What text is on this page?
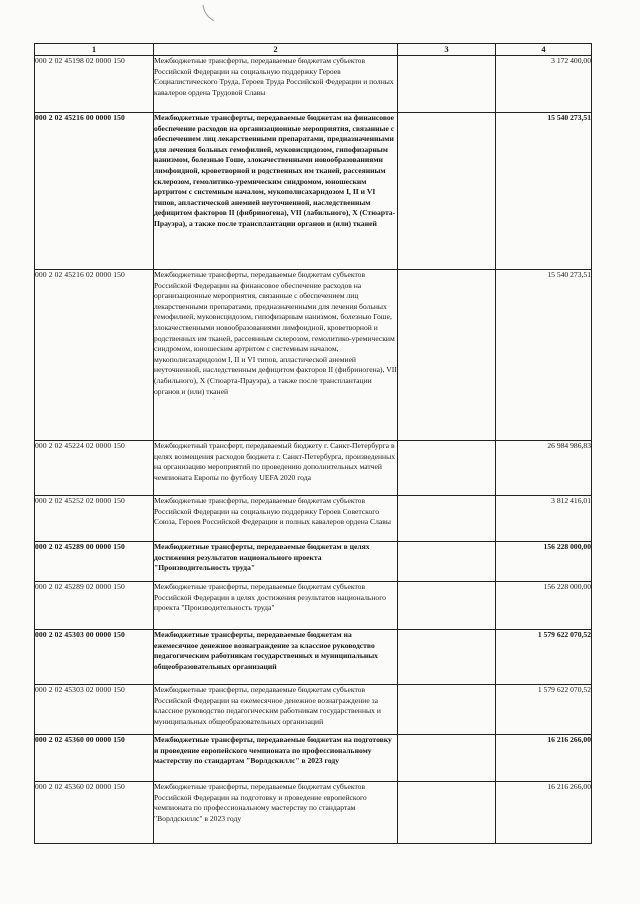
1	2	3	4
000 2 02 45198 02 0000 150	Межбюджетные трансферты, передаваемые бюджетам субъектов Российской Федерации на социальную поддержку Героев Социалистического Труда, Героев Труда Российской Федерации и полных кавалеров ордена Трудовой Славы		3 172 400,00
000 2 02 45216 00 0000 150	Межбюджетные трансферты, передаваемые бюджетам на финансовое обеспечение расходов на организационные мероприятия, связанные с обеспечением лиц лекарственными препаратами, предназначенными для лечения больных гемофилией, муковисцидозом, гипофизарным нанизмом, болезнью Гоше, злокачественными новообразованиями лимфоидной, кроветворной и родственных им тканей, рассеянным склерозом, гемолитико-уремическим синдромом, юношеским артритом с системным началом, мукополисахаридозом I, II и VI типов, апластической анемией неуточненной, наследственным дефицитом факторов II (фибриногена), VII (лабильного), X (Стюарта-Прауэра), а также после трансплантации органов и (или) тканей		15 540 273,51
000 2 02 45216 02 0000 150	Межбюджетные трансферты, передаваемые бюджетам субъектов Российской Федерации на финансовое обеспечение расходов на организационные мероприятия, связанные с обеспечением лиц лекарственными препаратами, предназначенными для лечения больных гемофилией, муковисцидозом, гипофизарным нанизмом, болезнью Гоше, злокачественными новообразованиями лимфоидной, кроветворной и родственных им тканей, рассеянным склерозом, гемолитико-уремическим синдромом, юношеским артритом с системным началом, мукополисахаридозом I, II и VI типов, апластической анемией неуточненной, наследственным дефицитом факторов II (фибриногена), VII (лабильного), X (Стюарта-Прауэра), а также после трансплантации органов и (или) тканей		15 540 273,51
000 2 02 45224 02 0000 150	Межбюджетный трансферт, передаваемый бюджету г. Санкт-Петербурга в целях возмещения расходов бюджета г. Санкт-Петербурга, произведенных на организацию мероприятий по проведению дополнительных матчей чемпионата Европы по футболу UEFA 2020 года		26 984 986,83
000 2 02 45252 02 0000 150	Межбюджетные трансферты, передаваемые бюджетам субъектов Российской Федерации на социальную поддержку Героев Советского Союза, Героев Российской Федерации и полных кавалеров ордена Славы		3 812 416,01
000 2 02 45289 00 0000 150	Межбюджетные трансферты, передаваемые бюджетам в целях достижения результатов национального проекта "Производительность труда"		156 228 000,00
000 2 02 45289 02 0000 150	Межбюджетные трансферты, передаваемые бюджетам субъектов Российской Федерации в целях достижения результатов национального проекта "Производительность труда"		156 228 000,00
000 2 02 45303 00 0000 150	Межбюджетные трансферты, передаваемые бюджетам на ежемесячное денежное вознаграждение за классное руководство педагогическим работникам государственных и муниципальных общеобразовательных организаций		1 579 622 070,52
000 2 02 45303 02 0000 150	Межбюджетные трансферты, передаваемые бюджетам субъектов Российской Федерации на ежемесячное денежное вознаграждение за классное руководство педагогическим работникам государственных и муниципальных общеобразовательных организаций		1 579 622 070,52
000 2 02 45360 00 0000 150	Межбюджетные трансферты, передаваемые бюджетам на подготовку и проведение европейского чемпионата по профессиональному мастерству по стандартам "Ворлдскиллс" в 2023 году		16 216 266,00
000 2 02 45360 02 0000 150	Межбюджетные трансферты, передаваемые бюджетам субъектов Российской Федерации на подготовку и проведение европейского чемпионата по профессиональному мастерству по стандартам "Ворлдскиллс" в 2023 году		16 216 266,00
